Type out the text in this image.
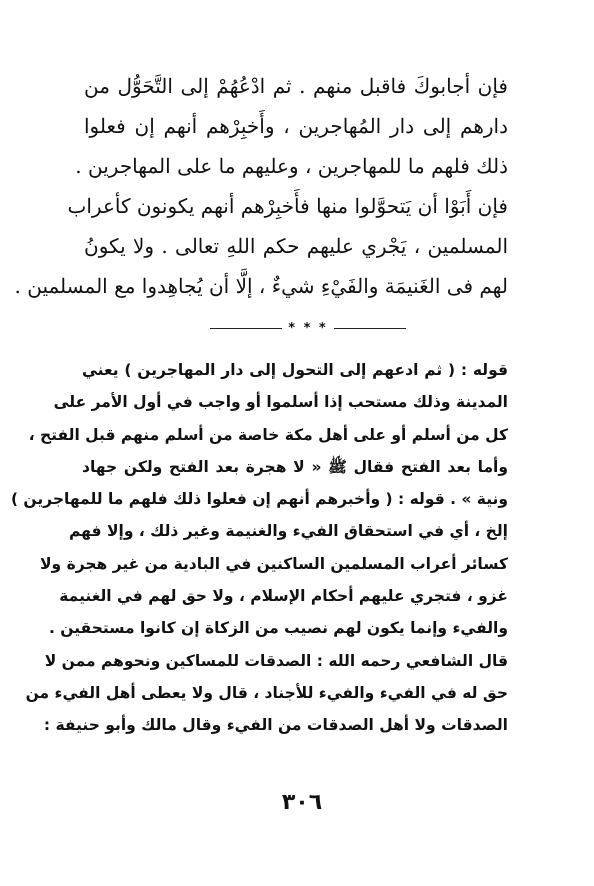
فإن أجابوكَ فاقبل منهم . ثم ادْعُهُمْ إلى التَّحَوُّل من
دارهم إلى دار المُهاجرين ، وأَخبِرْهم أنهم إن فعلوا
ذلك فلهم ما للمهاجرين ، وعليهم ما على المهاجرين .
فإن أَبَوْا أن يَتحوَّلوا منها فأَخبِرْهم أنهم يكونون كأعراب
المسلمين ، يَجْري عليهم حكم اللهِ تعالى . ولا يكونُ
لهم فى الغَنيمَة والفَيْءِ شيءٌ ، إلَّا أن يُجاهِدوا مع المسلمين .
* * *
قوله : ( ثم ادعهم إلى التحول إلى دار المهاجرين ) يعني
المدينة وذلك مستحب إذا أسلموا أو واجب في أول الأمر على
كل من أسلم أو على أهل مكة خاصة من أسلم منهم قبل الفتح ،
وأما بعد الفتح فقال ﷺ « لا هجرة بعد الفتح ولكن جهاد
ونية » . قوله : ( وأخبرهم أنهم إن فعلوا ذلك فلهم ما للمهاجرين )
إلخ ، أي في استحقاق الفيء والغنيمة وغير ذلك ، وإلا فهم
كسائر أعراب المسلمين الساكنين في البادية من غير هجرة ولا
غزو ، فتجري عليهم أحكام الإسلام ، ولا حق لهم في الغنيمة
والفيء وإنما يكون لهم نصيب من الزكاة إن كانوا مستحقين .
قال الشافعي رحمه الله : الصدقات للمساكين ونحوهم ممن لا
حق له في الفيء والفيء للأجناد ، قال ولا يعطى أهل الفيء من
الصدقات ولا أهل الصدقات من الفيء وقال مالك وأبو حنيفة :
٣٠٦
